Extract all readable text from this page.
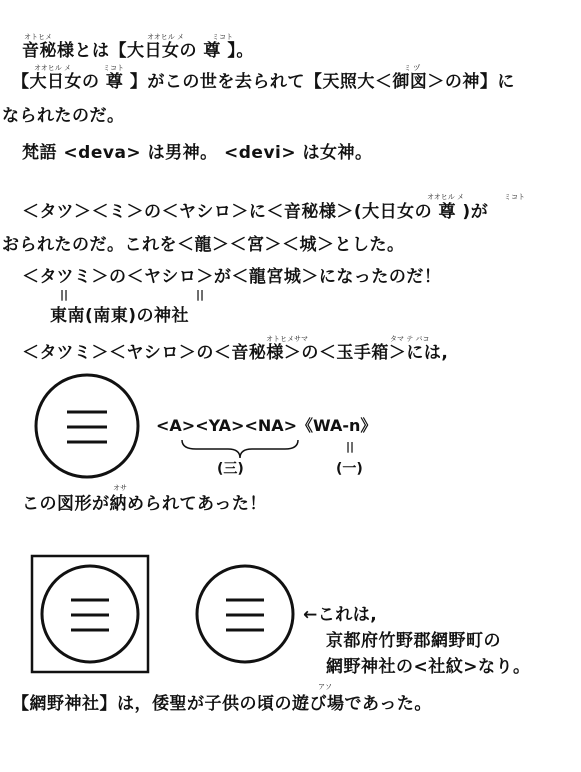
オトヒメ	オオヒル メ	ミコト
オオヒル メ	ミコト	ミ ヅ
オオヒル メ	ミコト
オトヒメサマ	タマ テ バコ
オサ
アソ
音秘様とは【大日女の 尊 】。
【大日女の 尊 】がこの世を去られて【天照大＜御図＞の神】に
なられたのだ。
梵語 <deva> は男神。 <devi> は女神。
＜タツ＞＜ミ＞の＜ヤシロ＞に＜音秘様＞(大日女の 尊 )が
おられたのだ。これを＜龍＞＜宮＞＜城＞とした。
＜タツミ＞の＜ヤシロ＞が＜龍宮城＞になったのだ！
||	||
東南(南東)の神社
＜タツミ＞＜ヤシロ＞の＜音秘様＞の＜玉手箱＞には,
<A><YA><NA>《WA-n》
||
(三)	(一)
この図形が納められてあった！
←これは,
京都府竹野郡網野町の
網野神社の<社紋>なり。
【網野神社】は，倭聖が子供の頃の遊び場であった。
